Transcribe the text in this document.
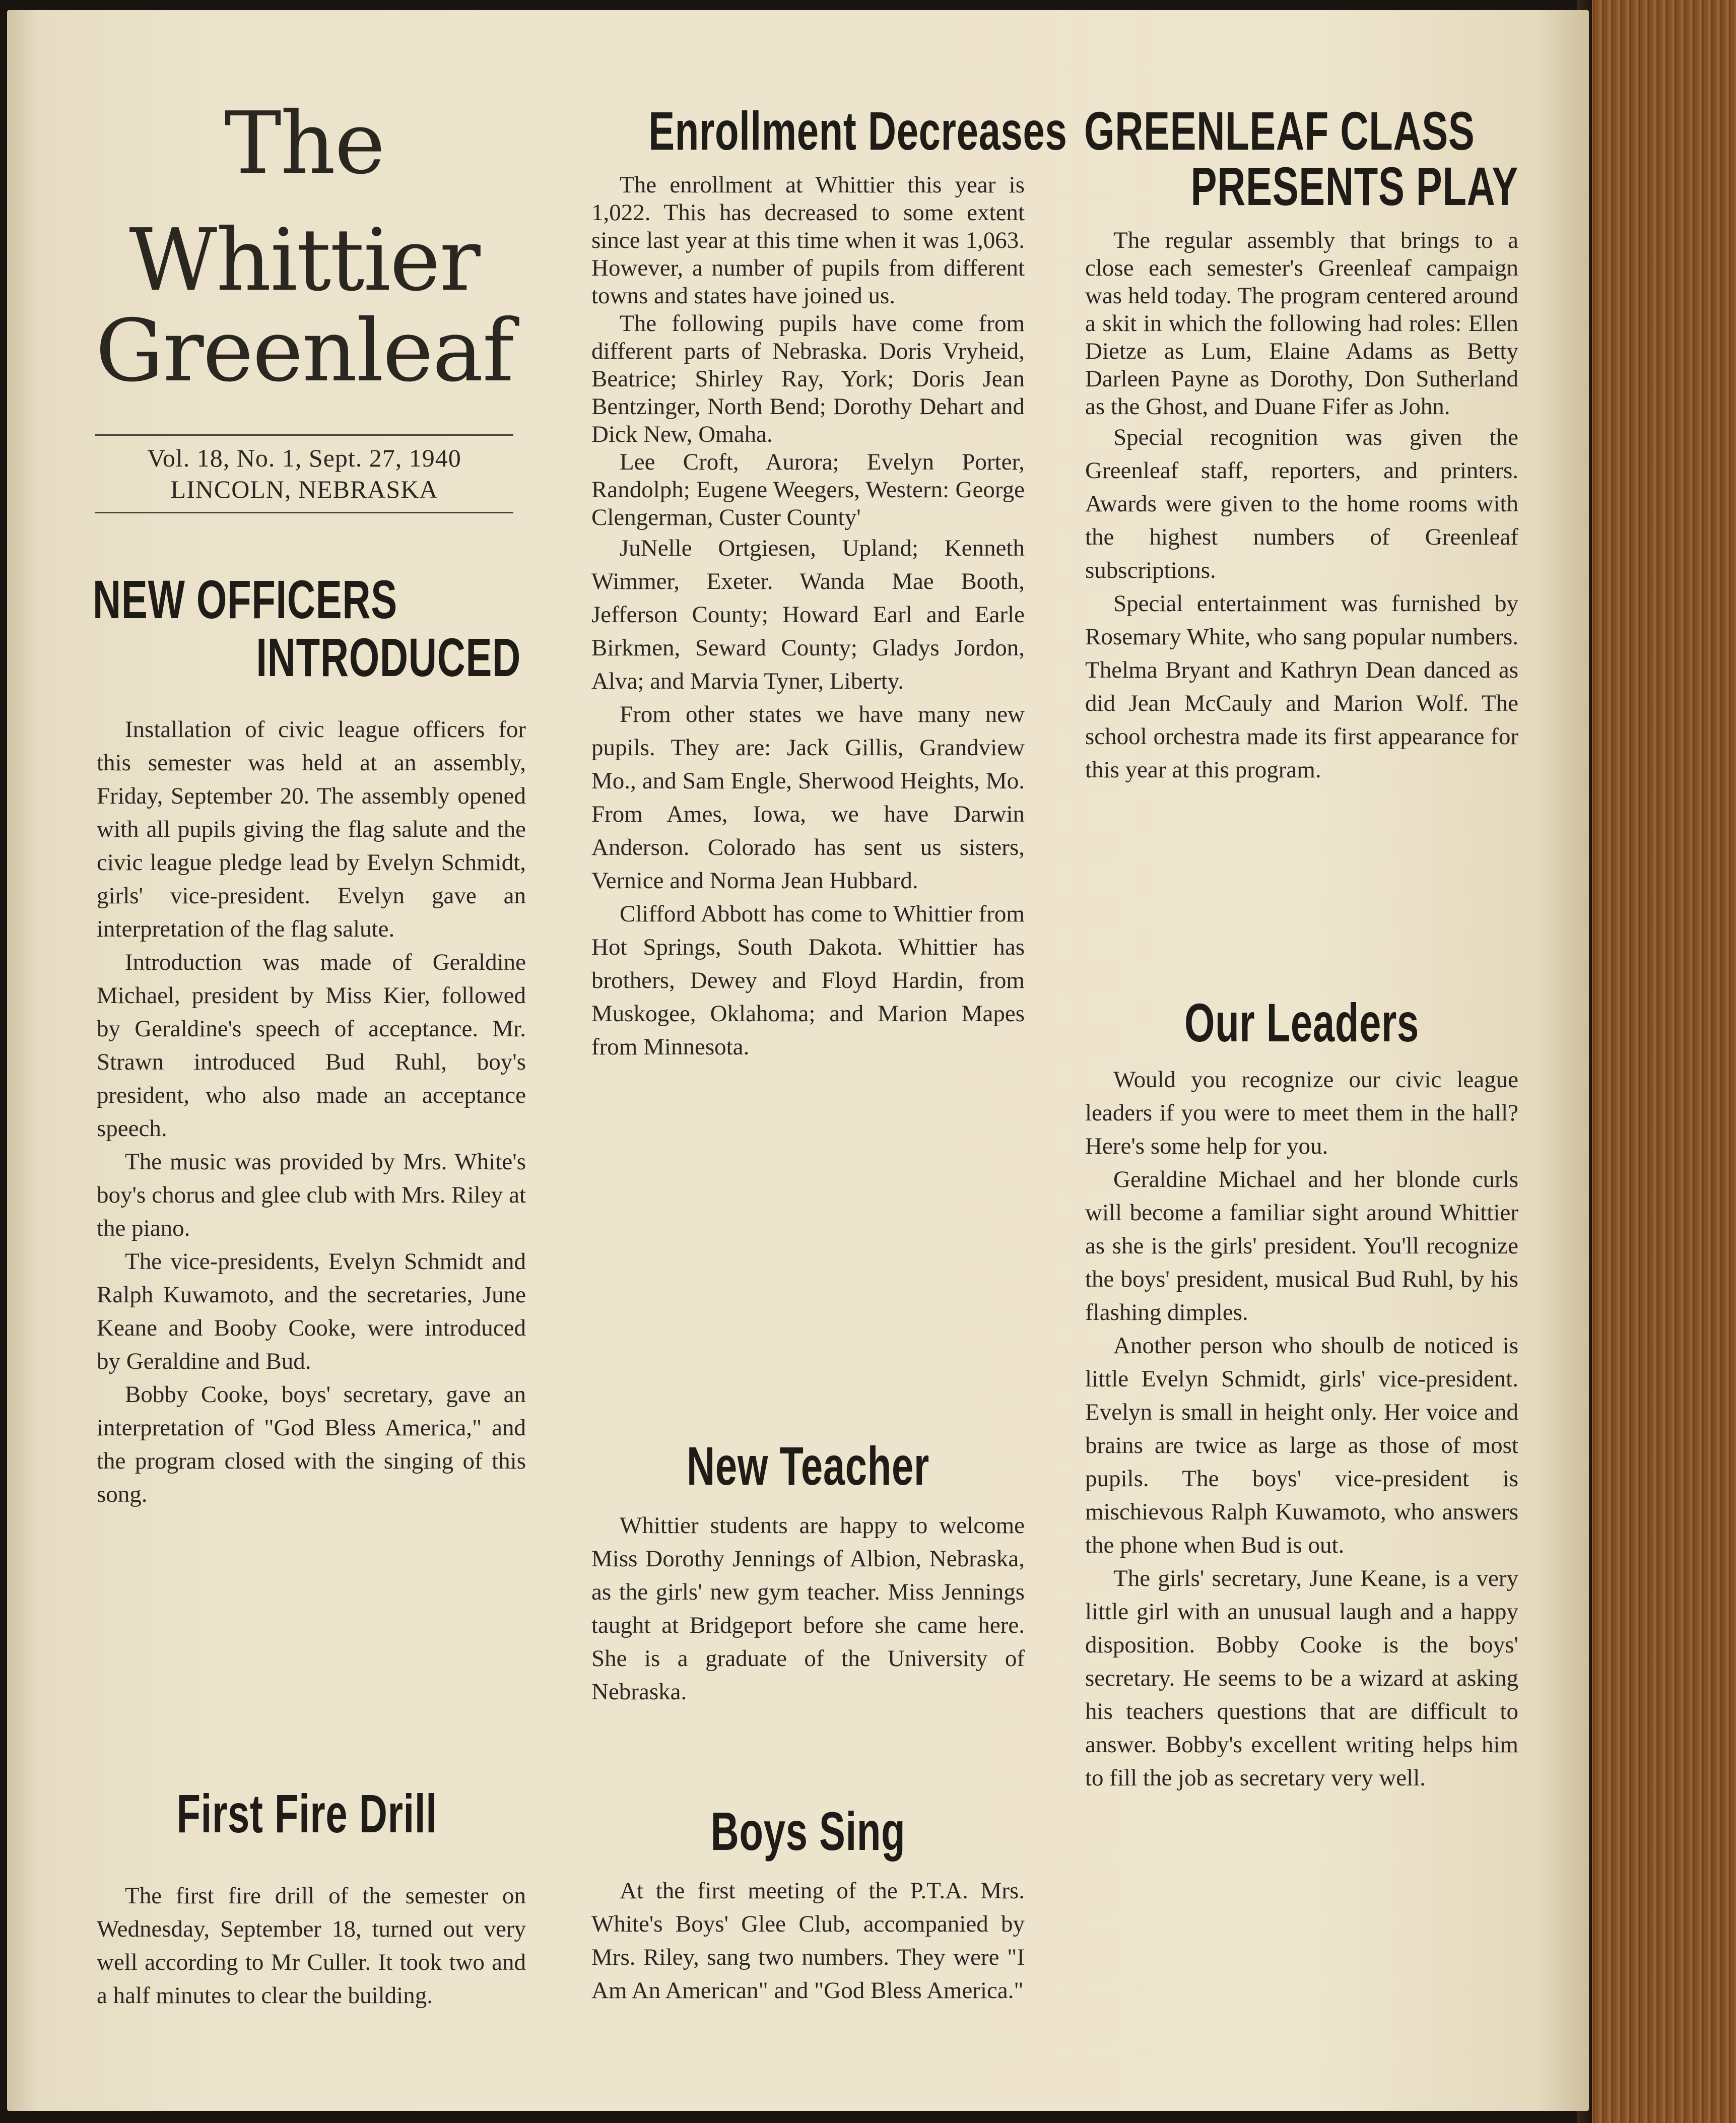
The
Whittier
Greenleaf
Vol. 18, No. 1, Sept. 27, 1940
LINCOLN, NEBRASKA
NEW OFFICERS
INTRODUCED

Installation of civic league officers for this semester was held at an assembly, Friday, September 20. The assembly opened with all pupils giving the flag salute and the civic league pledge lead by Evelyn Schmidt, girls' vice-president. Evelyn gave an interpretation of the flag salute.

Introduction was made of Geraldine Michael, president by Miss Kier, followed by Geraldine's speech of acceptance. Mr. Strawn introduced Bud Ruhl, boy's president, who also made an acceptance speech.

The music was provided by Mrs. White's boy's chorus and glee club with Mrs. Riley at the piano.

The vice-presidents, Evelyn Schmidt and Ralph Kuwamoto, and the secretaries, June Keane and Booby Cooke, were introduced by Geraldine and Bud.

Bobby Cooke, boys' secretary, gave an interpretation of "God Bless America," and the program closed with the singing of this song.

First Fire Drill

The first fire drill of the semester on Wednesday, September 18, turned out very well according to Mr Culler. It took two and a half minutes to clear the building.

Enrollment Decreases

The enrollment at Whittier this year is 1,022. This has decreased to some extent since last year at this time when it was 1,063. However, a number of pupils from different towns and states have joined us.

The following pupils have come from different parts of Nebraska. Doris Vryheid, Beatrice; Shirley Ray, York; Doris Jean Bentzinger, North Bend; Dorothy Dehart and Dick New, Omaha.

Lee Croft, Aurora; Evelyn Porter, Randolph; Eugene Weegers, Western: George Clengerman, Custer County'

JuNelle Ortgiesen, Upland; Kenneth Wimmer, Exeter. Wanda Mae Booth, Jefferson County; Howard Earl and Earle Birkmen, Seward County; Gladys Jordon, Alva; and Marvia Tyner, Liberty.

From other states we have many new pupils. They are: Jack Gillis, Grandview Mo., and Sam Engle, Sherwood Heights, Mo. From Ames, Iowa, we have Darwin Anderson. Colorado has sent us sisters, Vernice and Norma Jean Hubbard.

Clifford Abbott has come to Whittier from Hot Springs, South Dakota. Whittier has brothers, Dewey and Floyd Hardin, from Muskogee, Oklahoma; and Marion Mapes from Minnesota.

New Teacher

Whittier students are happy to welcome Miss Dorothy Jennings of Albion, Nebraska, as the girls' new gym teacher. Miss Jennings taught at Bridgeport before she came here. She is a graduate of the University of Nebraska.

Boys Sing

At the first meeting of the P.T.A. Mrs. White's Boys' Glee Club, accompanied by Mrs. Riley, sang two numbers. They were "I Am An American" and "God Bless America."

GREENLEAF CLASS
PRESENTS PLAY

The regular assembly that brings to a close each semester's Greenleaf campaign was held today. The program centered around a skit in which the following had roles: Ellen Dietze as Lum, Elaine Adams as Betty Darleen Payne as Dorothy, Don Sutherland as the Ghost, and Duane Fifer as John.

Special recognition was given the Greenleaf staff, reporters, and printers. Awards were given to the home rooms with the highest numbers of Greenleaf subscriptions.

Special entertainment was furnished by Rosemary White, who sang popular numbers. Thelma Bryant and Kathryn Dean danced as did Jean McCauly and Marion Wolf. The school orchestra made its first appearance for this year at this program.

Our Leaders

Would you recognize our civic league leaders if you were to meet them in the hall? Here's some help for you.

Geraldine Michael and her blonde curls will become a familiar sight around Whittier as she is the girls' president. You'll recognize the boys' president, musical Bud Ruhl, by his flashing dimples.

Another person who shoulb de noticed is little Evelyn Schmidt, girls' vice-president. Evelyn is small in height only. Her voice and brains are twice as large as those of most pupils. The boys' vice-president is mischievous Ralph Kuwamoto, who answers the phone when Bud is out.

The girls' secretary, June Keane, is a very little girl with an unusual laugh and a happy disposition. Bobby Cooke is the boys' secretary. He seems to be a wizard at asking his teachers questions that are difficult to answer. Bobby's excellent writing helps him to fill the job as secretary very well.
